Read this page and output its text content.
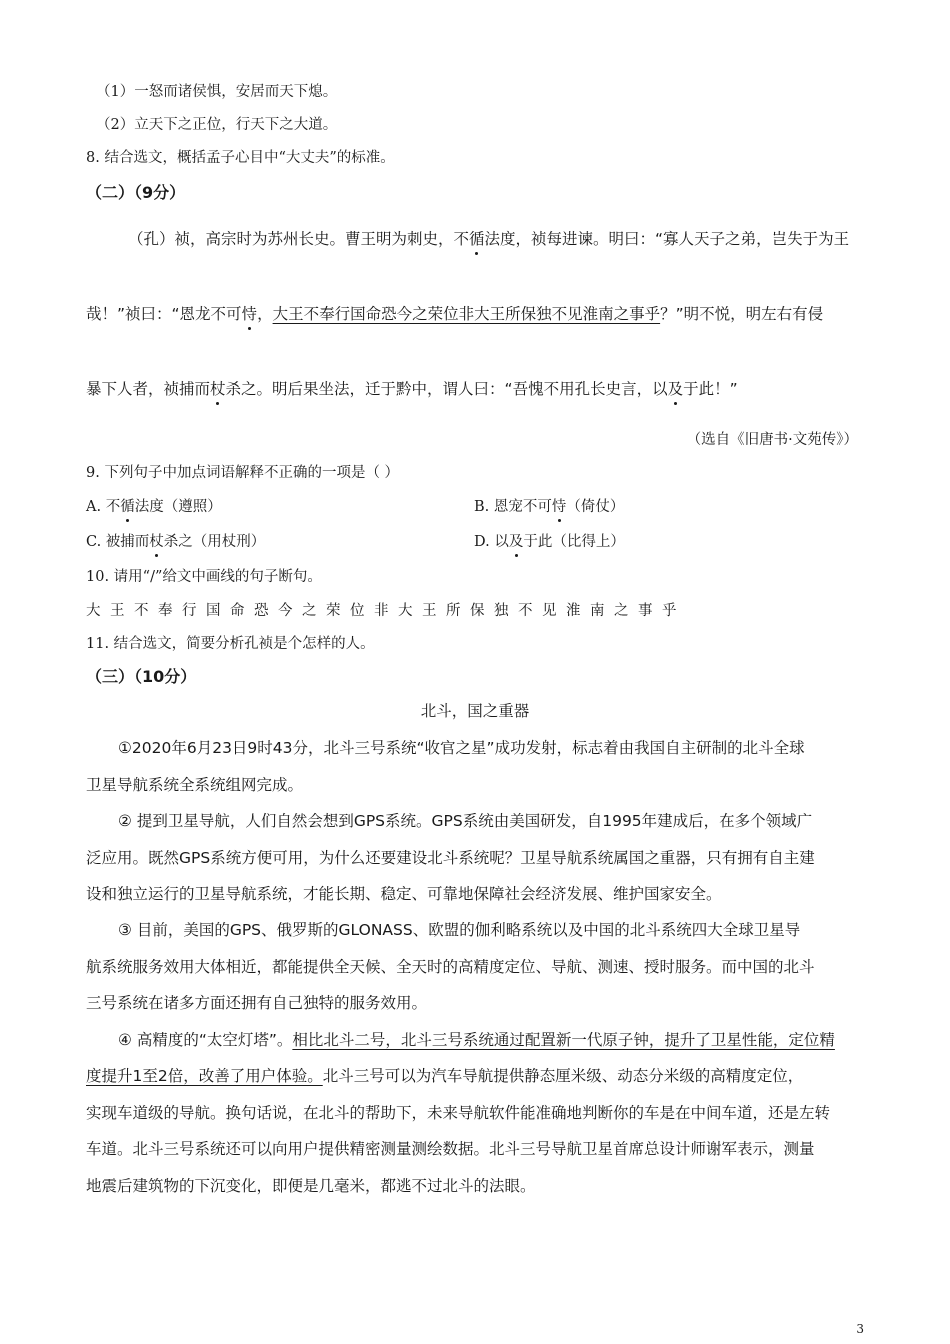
（1）一怒而诸侯惧，安居而天下熄。
（2）立天下之正位，行天下之大道。
8. 结合选文，概括孟子心目中“大丈夫”的标准。
（二）（9分）
（孔）祯，高宗时为苏州长史。曹王明为刺史，不循法度，祯每进谏。明曰：“寡人天子之弟，岂失于为王
哉！”祯曰：“恩龙不可恃，大王不奉行国命恐今之荣位非大王所保独不见淮南之事乎？”明不悦，明左右有侵
暴下人者，祯捕而杖杀之。明后果坐法，迁于黔中，谓人曰：“吾愧不用孔长史言，以及于此！”
（选自《旧唐书·文苑传》）
9. 下列句子中加点词语解释不正确的一项是（ ）
A. 不循法度（遵照）	B. 恩宠不可恃（倚仗）
C. 被捕而杖杀之（用杖刑）	D. 以及于此（比得上）
10. 请用“/”给文中画线的句子断句。
大王不奉行国命恐今之荣位非大王所保独不见淮南之事乎
11. 结合选文，简要分析孔祯是个怎样的人。
（三）（10分）
北斗，国之重器
①2020年6月23日9时43分，北斗三号系统“收官之星”成功发射，标志着由我国自主研制的北斗全球
卫星导航系统全系统组网完成。
② 提到卫星导航，人们自然会想到GPS系统。GPS系统由美国研发，自1995年建成后，在多个领域广
泛应用。既然GPS系统方便可用，为什么还要建设北斗系统呢？卫星导航系统属国之重器，只有拥有自主建
设和独立运行的卫星导航系统，才能长期、稳定、可靠地保障社会经济发展、维护国家安全。
③ 目前，美国的GPS、俄罗斯的GLONASS、欧盟的伽利略系统以及中国的北斗系统四大全球卫星导
航系统服务效用大体相近，都能提供全天候、全天时的高精度定位、导航、测速、授时服务。而中国的北斗
三号系统在诸多方面还拥有自己独特的服务效用。
④ 高精度的“太空灯塔”。相比北斗二号，北斗三号系统通过配置新一代原子钟，提升了卫星性能，定位精
度提升1至2倍，改善了用户体验。北斗三号可以为汽车导航提供静态厘米级、动态分米级的高精度定位，
实现车道级的导航。换句话说，在北斗的帮助下，未来导航软件能准确地判断你的车是在中间车道，还是左转
车道。北斗三号系统还可以向用户提供精密测量测绘数据。北斗三号导航卫星首席总设计师谢军表示，测量
地震后建筑物的下沉变化，即便是几毫米，都逃不过北斗的法眼。
3
